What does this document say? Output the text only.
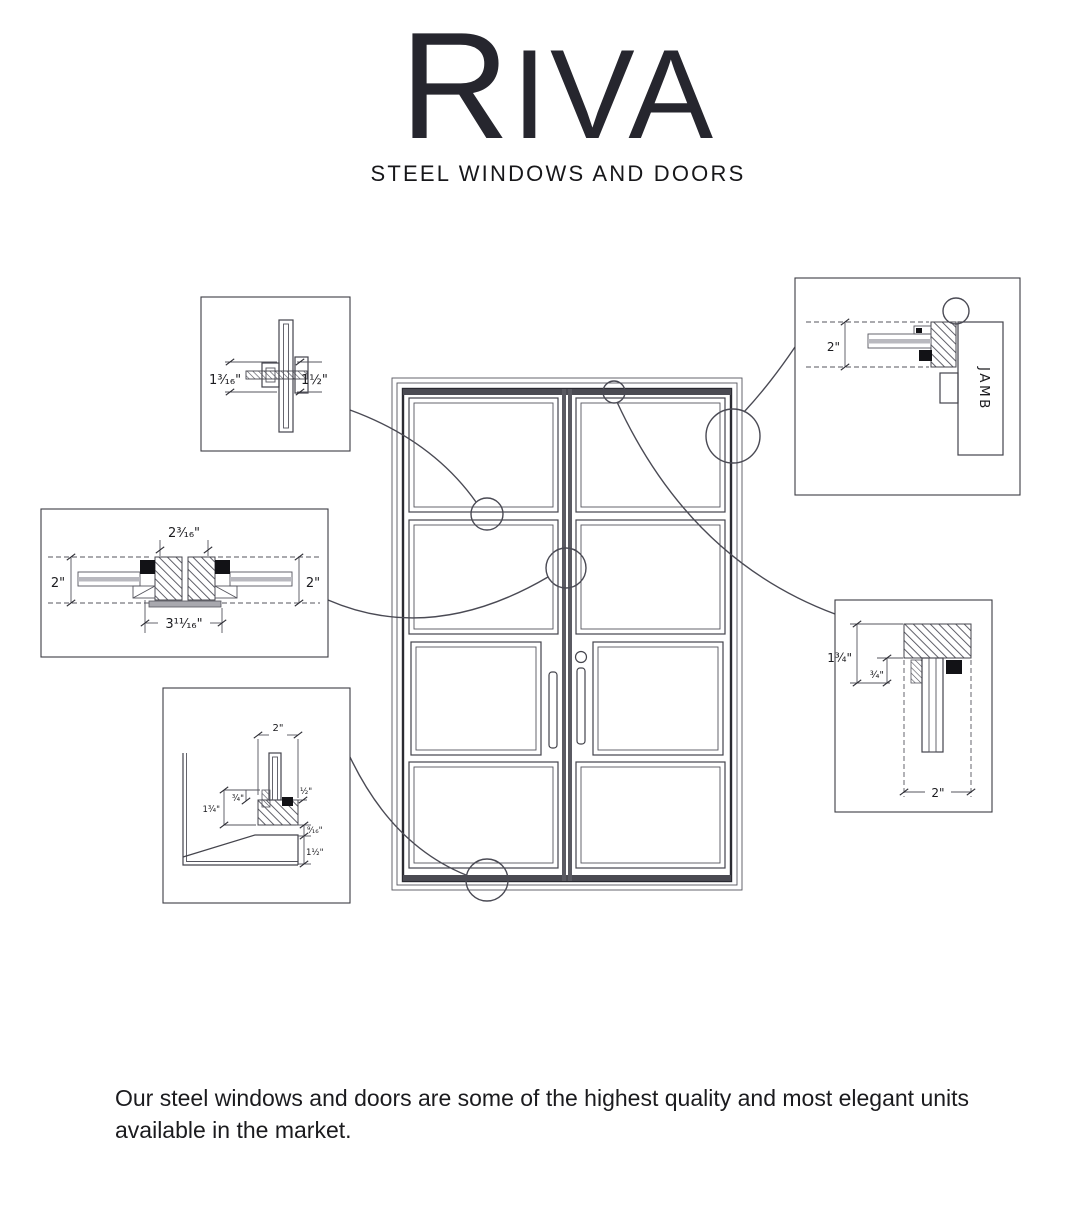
RIVA
STEEL WINDOWS AND DOORS
1³⁄₁₆"	1½"
2³⁄₁₆"
2"	2"
3¹¹⁄₁₆"
2"
1¾"
¾"
½"
⁹⁄₁₆"
1½"
2"
JAMB
1¾"
¾"
2"
Our steel windows and doors are some of the highest quality and most elegant units available in the market.
